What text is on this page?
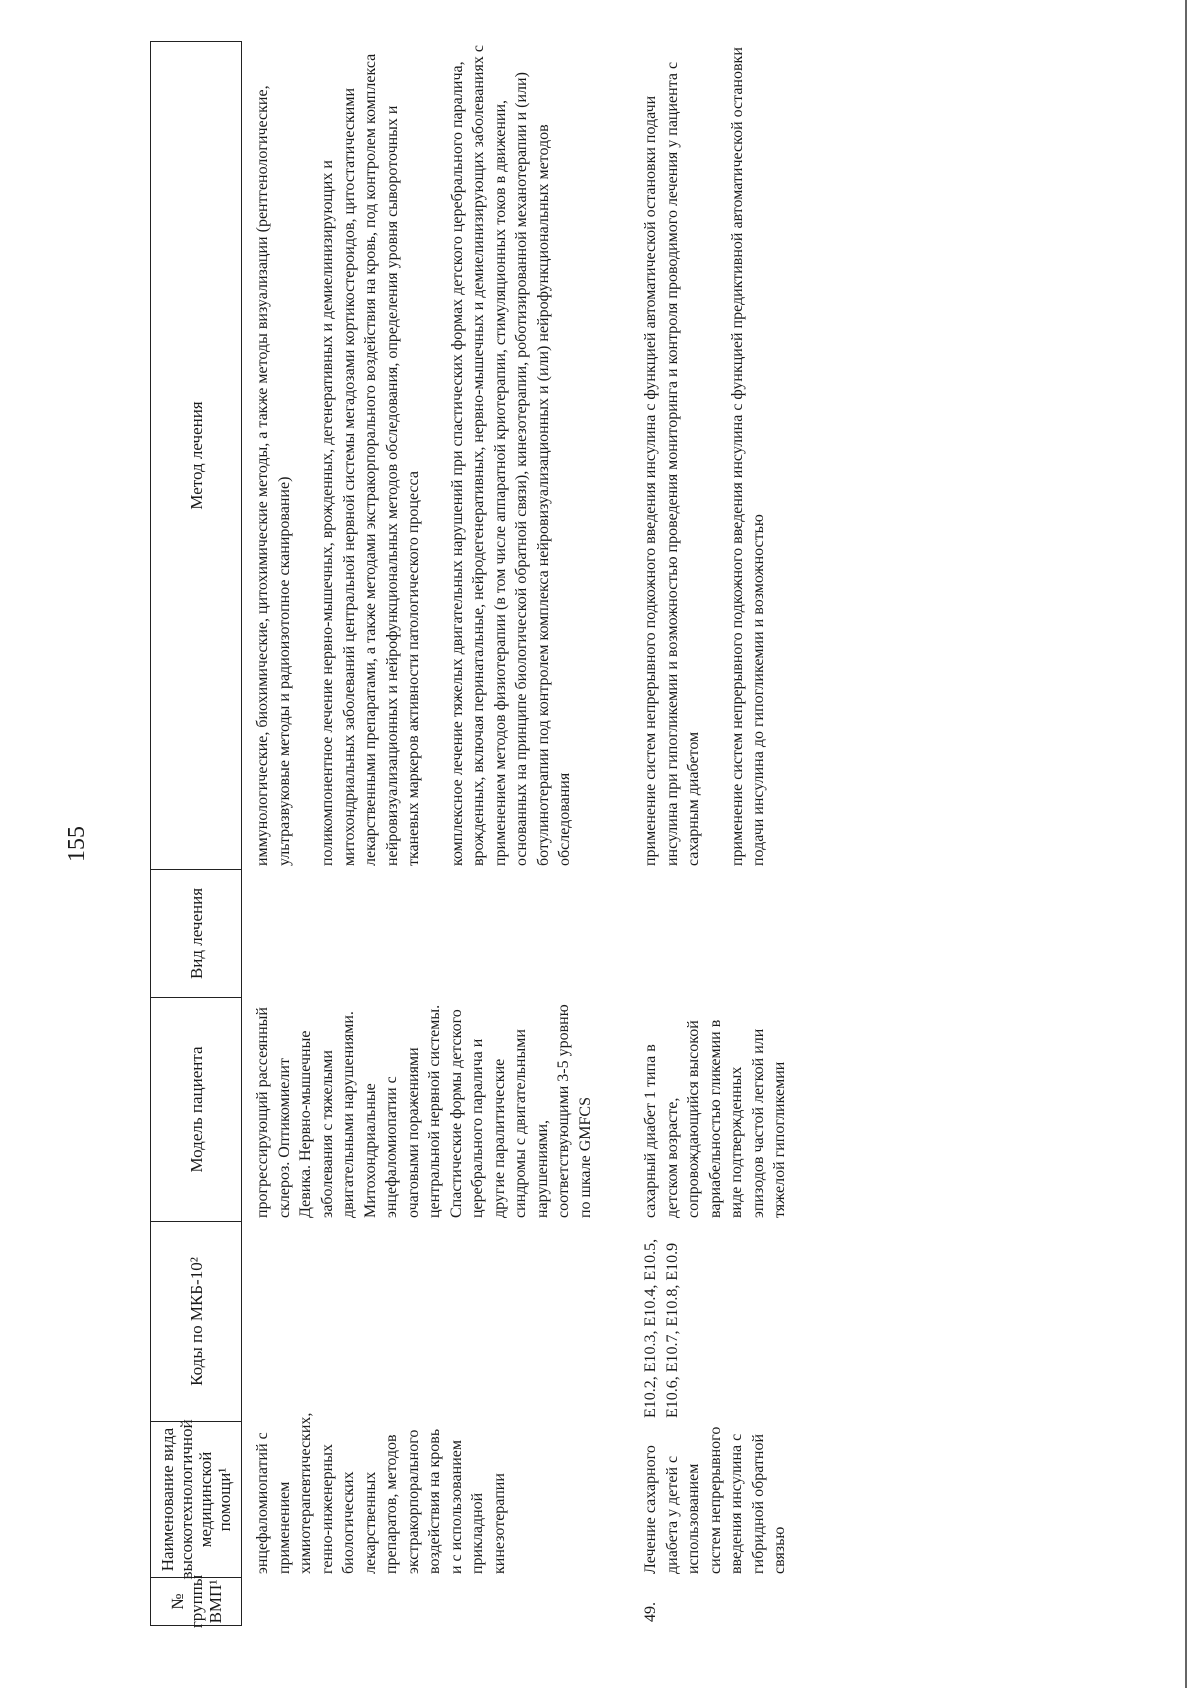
155
№ группы ВМП¹
Наименование вида высокотехнологичной медицинской помощи¹
Коды по МКБ-10²
Модель пациента
Вид лечения
Метод лечения
энцефаломиопатий с применением химиотерапевтических, генно-инженерных биологических лекарственных препаратов, методов экстракорпорального воздействия на кровь и с использованием прикладной кинезотерапии
прогрессирующий рассеянный склероз. Оптикомиелит Девика. Нервно-мышечные заболевания с тяжелыми двигательными нарушениями. Митохондриальные энцефаломиопатии с очаговыми поражениями центральной нервной системы. Спастические формы детского церебрального паралича и другие паралитические синдромы с двигательными нарушениями, соответствующими 3-5 уровню по шкале GMFCS

иммунологические, биохимические, цитохимические методы, а также методы визуализации (рентгенологические, ультразвуковые методы и радиоизотопное сканирование) поликомпонентное лечение нервно-мышечных, врожденных, дегенеративных и демиелинизирующих и митохондриальных заболеваний центральной нервной системы мегадозами кортикостероидов, цитостатическими лекарственными препаратами, а также методами экстракорпорального воздействия на кровь, под контролем комплекса нейровизуализационных и нейрофункциональных методов обследования, определения уровня сывороточных и тканевых маркеров активности патологического процесса комплексное лечение тяжелых двигательных нарушений при спастических формах детского церебрального паралича, врожденных, включая перинатальные, нейродегенеративных, нервно-мышечных и демиелинизирующих заболеваниях с применением методов физиотерапии (в том числе аппаратной криотерапии, стимуляционных токов в движении, основанных на принципе биологической обратной связи), кинезотерапии, роботизированной механотерапии и (или) ботулинотерапии под контролем комплекса нейровизуализационных и (или) нейрофункциональных методов обследования

49.
Лечение сахарного диабета у детей с использованием систем непрерывного введения инсулина с гибридной обратной связью
E10.2, E10.3, E10.4, E10.5, E10.6, E10.7, E10.8, E10.9
сахарный диабет 1 типа в детском возрасте, сопровождающийся высокой вариабельностью гликемии в виде подтвержденных эпизодов частой легкой или тяжелой гипогликемии

применение систем непрерывного подкожного введения инсулина с функцией автоматической остановки подачи инсулина при гипогликемии и возможностью проведения мониторинга и контроля проводимого лечения у пациента с сахарным диабетом применение систем непрерывного подкожного введения инсулина с функцией предиктивной автоматической остановки подачи инсулина до гипогликемии и возможностью
